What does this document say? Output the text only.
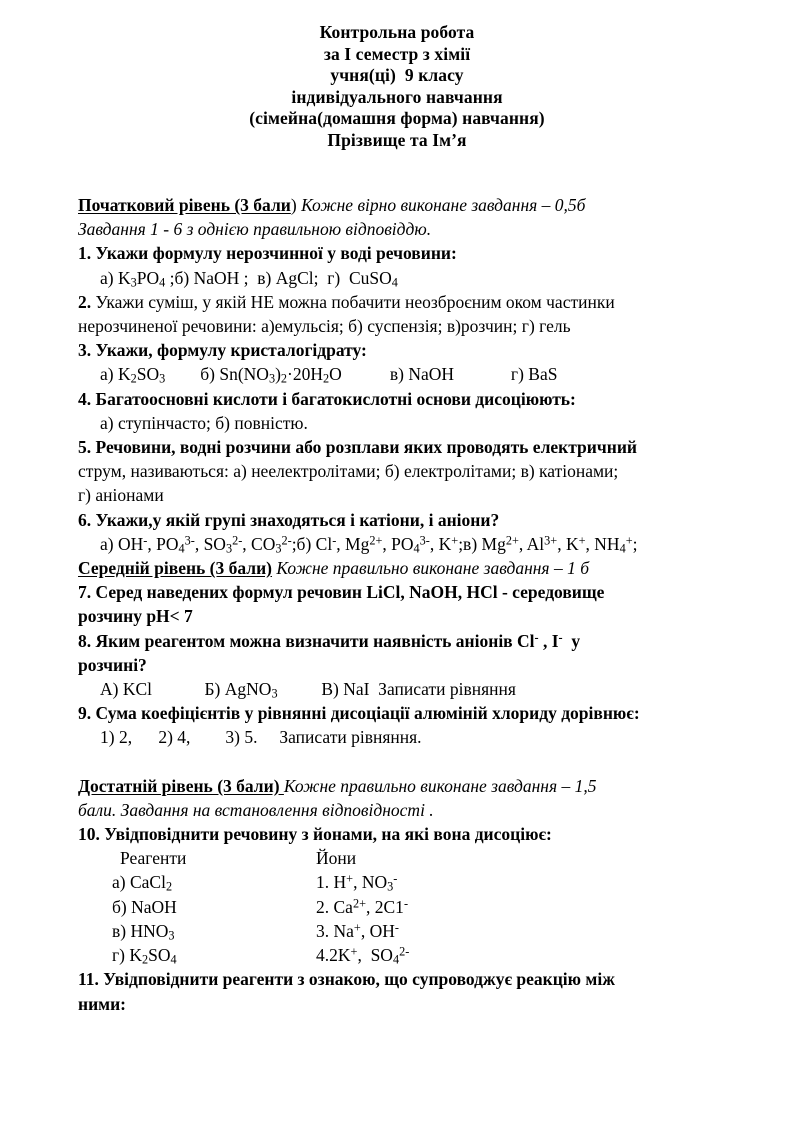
Контрольна робота
за I семестр з хімії
учня(ці)  9 класу
індивідуального навчання
(сімейна(домашня форма) навчання)
Прізвище та Ім’я

Початковий рівень (3 бали) Кожне вірно виконане завдання – 0,5б

Завдання 1 - 6 з однією правильною відповіддю.

1. Укажи формулу нерозчинної у воді речовини:

а) $K_3PO_4$ ;б) NaOH ;  в) AgCl;  г)  CuSO$_4$

2. Укажи суміш, у якій НЕ можна побачити неозброєним оком частинки

нерозчиненої речовини: а)емульсія; б) суспензія; в)розчин; г) гель

3. Укажи, формулу кристалогідрату:

а) $K_2SO_3$        б) $Sn(NO_3)_2\cdot 20H_2O$           в) NaOH             г) BaS

4. Багатоосновні кислоти і багатокислотні основи дисоціюють:

а) ступінчасто; б) повністю.

5. Речовини, водні розчини або розплави яких проводять електричний

струм, називаються: а) неелектролітами; б) електролітами; в) катіонами;

г) аніонами

6. Укажи,у якій групі знаходяться і катіони, і аніони?

а) OH-, $PO_4^{3-}$, $SO_3^{2-}$, $CO_3^{2-};б$) Cl-, $Mg^{2+}$, $PO_4^{3-}$, K+;в) $Mg^{2+}$, $Al^{3+}$, K+, $NH_4^+$;

Середній рівень (3 бали) Кожне правильно виконане завдання – 1 б

7. Серед наведених формул речовин LiCl, NaOH, HCl - середовище

розчину рН< 7

8. Яким реагентом можна визначити наявність аніонів Cl- , I-  у

розчині?

А) KCl            Б) AgNO$_3$          В) NaI  Записати рівняння

9. Сума коефіцієнтів у рівнянні дисоціації алюміній хлориду дорівнює:

1) 2,      2) 4,        3) 5.     Записати рівняння.

Достатній рівень (3 бали) Кожне правильно виконане завдання – 1,5

бали. Завдання на встановлення відповідності .

10. Увідповіднити речовину з йонами, на які вона дисоціює:

Реагенти	Йони
а) CaCl$_2$	1. H+, $NO_3^-$
б) NaOH	2. $Ca^{2+}$, 2C1-
в) $HNO_3$	3. Na+, OH-
г) $K_2SO_4$	4.2K+,  $SO_4^{2-}$

11. Увідповіднити реагенти з ознакою, що супроводжує реакцію між

ними:
